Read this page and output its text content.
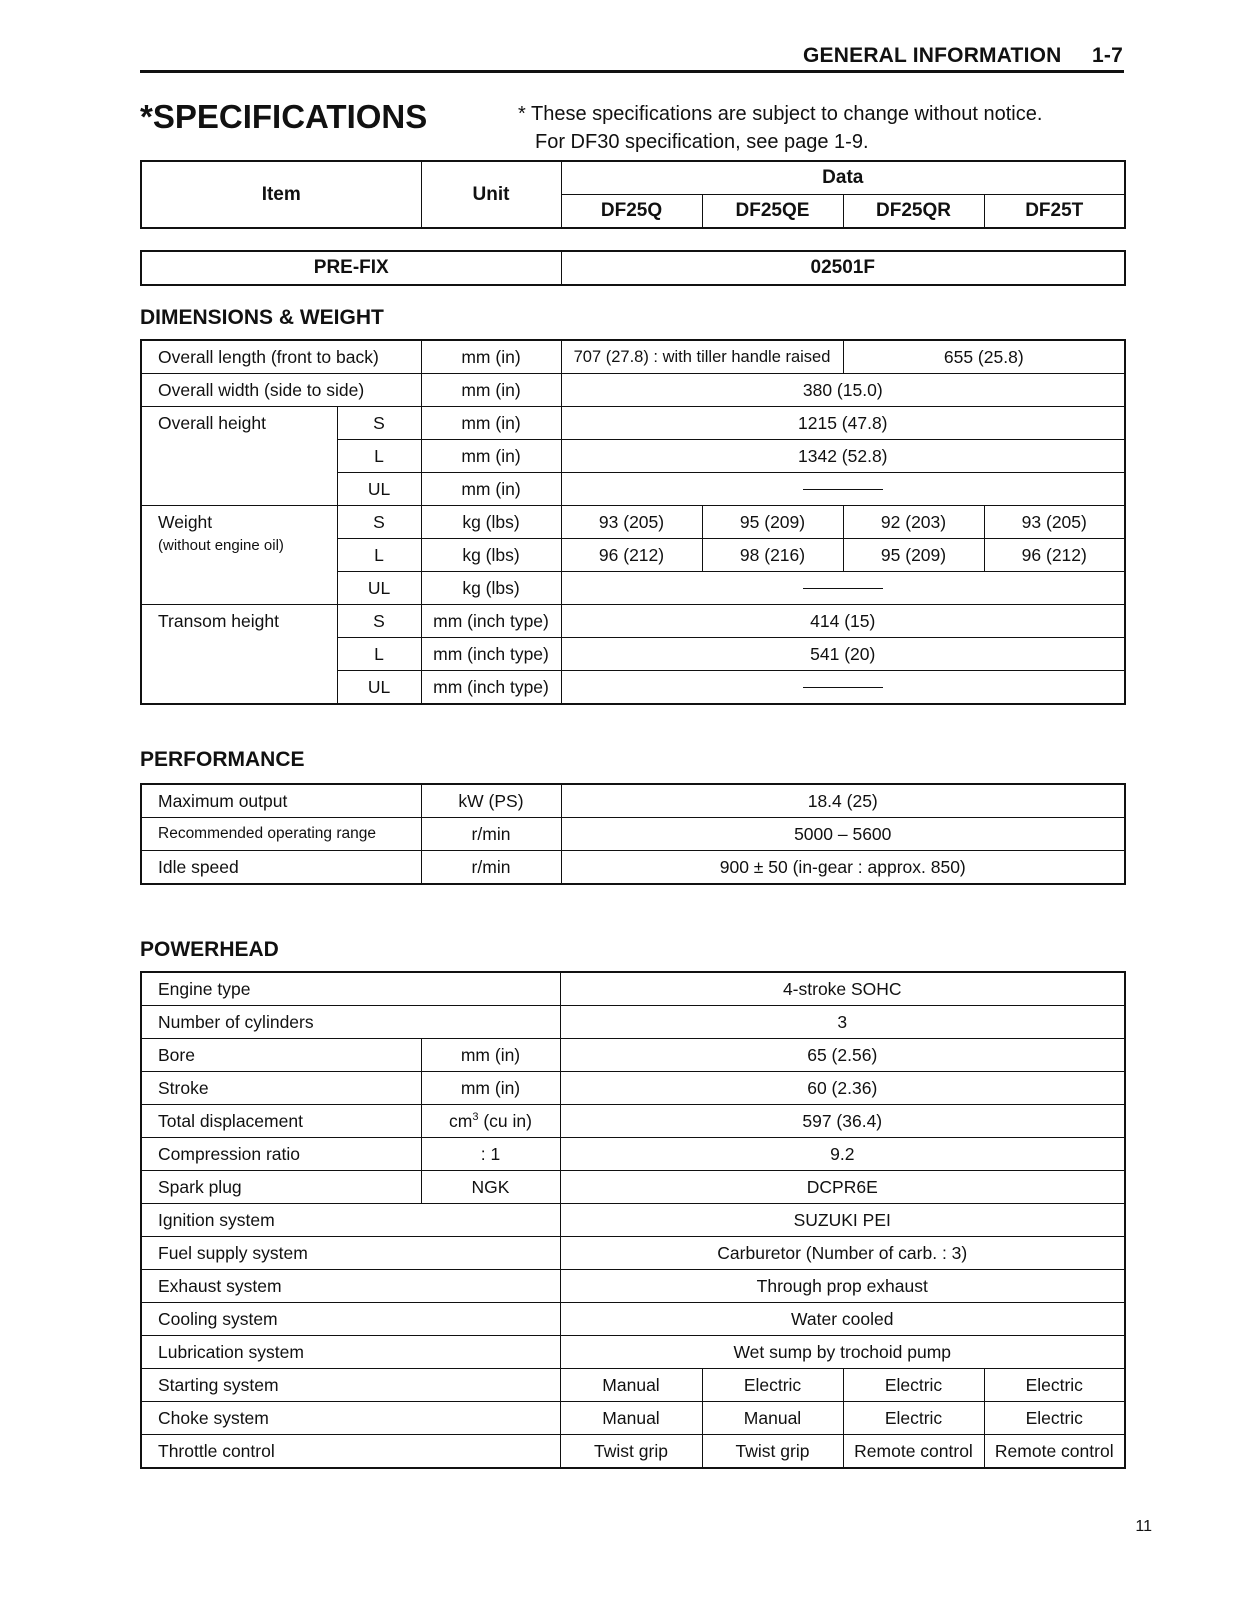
GENERAL INFORMATION 1-7
*SPECIFICATIONS	* These specifications are subject to change without notice.
For DF30 specification, see page 1-9.
Item	Unit	Data			
		DF25Q	DF25QE	DF25QR	DF25T
PRE-FIX	02501F
DIMENSIONS & WEIGHT
Overall length (front to back)		mm (in)	707 (27.8) : with tiller handle raised		655 (25.8)	
Overall width (side to side)		mm (in)	380 (15.0)			
Overall height	S	mm (in)	1215 (47.8)			
	L	mm (in)	1342 (52.8)			
	UL	mm (in)				
Weight
(without engine oil)	S	kg (lbs)	93 (205)	95 (209)	92 (203)	93 (205)
	L	kg (lbs)	96 (212)	98 (216)	95 (209)	96 (212)
	UL	kg (lbs)				
Transom height	S	mm (inch type)	414 (15)			
	L	mm (inch type)	541 (20)			
	UL	mm (inch type)				
PERFORMANCE
Maximum output	kW (PS)	18.4 (25)
Recommended operating range	r/min	5000 – 5600
Idle speed	r/min	900 ± 50 (in-gear : approx. 850)
POWERHEAD
Engine type		4-stroke SOHC			
Number of cylinders		3			
Bore	mm (in)	65 (2.56)			
Stroke	mm (in)	60 (2.36)			
Total displacement	$cm^3$ (cu in)	597 (36.4)			
Compression ratio	: 1	9.2			
Spark plug	NGK	DCPR6E			
Ignition system		SUZUKI PEI			
Fuel supply system		Carburetor (Number of carb. : 3)			
Exhaust system		Through prop exhaust			
Cooling system		Water cooled			
Lubrication system		Wet sump by trochoid pump			
Starting system		Manual	Electric	Electric	Electric
Choke system		Manual	Manual	Electric	Electric
Throttle control		Twist grip	Twist grip	Remote control	Remote control
11
